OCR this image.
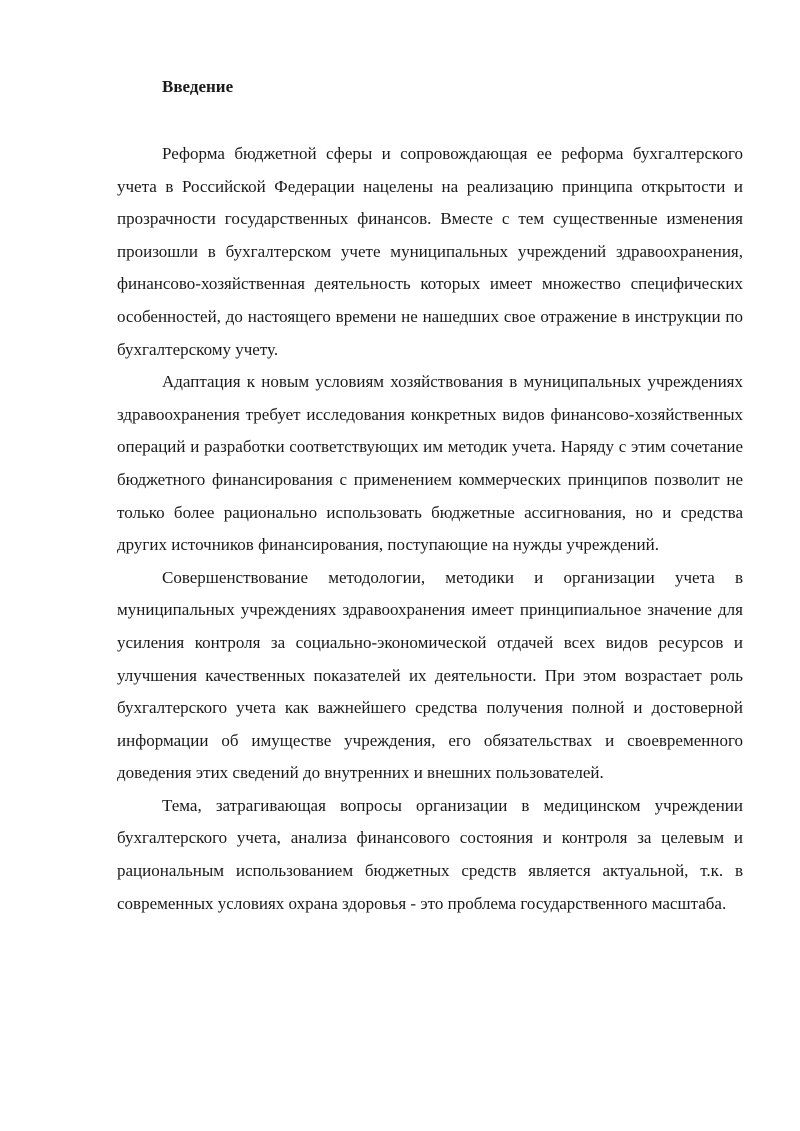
Введение

Реформа бюджетной сферы и сопровождающая ее реформа бухгалтерского учета в Российской Федерации нацелены на реализацию принципа открытости и прозрачности государственных финансов. Вместе с тем существенные изменения произошли в бухгалтерском учете муниципальных учреждений здравоохранения, финансово-хозяйственная деятельность которых имеет множество специфических особенностей, до настоящего времени не нашедших свое отражение в инструкции по бухгалтерскому учету.

Адаптация к новым условиям хозяйствования в муниципальных учреждениях здравоохранения требует исследования конкретных видов финансово-хозяйственных операций и разработки соответствующих им методик учета. Наряду с этим сочетание бюджетного финансирования с применением коммерческих принципов позволит не только более рационально использовать бюджетные ассигнования, но и средства других источников финансирования, поступающие на нужды учреждений.

Совершенствование методологии, методики и организации учета в муниципальных учреждениях здравоохранения имеет принципиальное значение для усиления контроля за социально-экономической отдачей всех видов ресурсов и улучшения качественных показателей их деятельности. При этом возрастает роль бухгалтерского учета как важнейшего средства получения полной и достоверной информации об имуществе учреждения, его обязательствах и своевременного доведения этих сведений до внутренних и внешних пользователей.

Тема, затрагивающая вопросы организации в медицинском учреждении бухгалтерского учета, анализа финансового состояния и контроля за целевым и рациональным использованием бюджетных средств является актуальной, т.к. в современных условиях охрана здоровья - это проблема государственного масштаба.
